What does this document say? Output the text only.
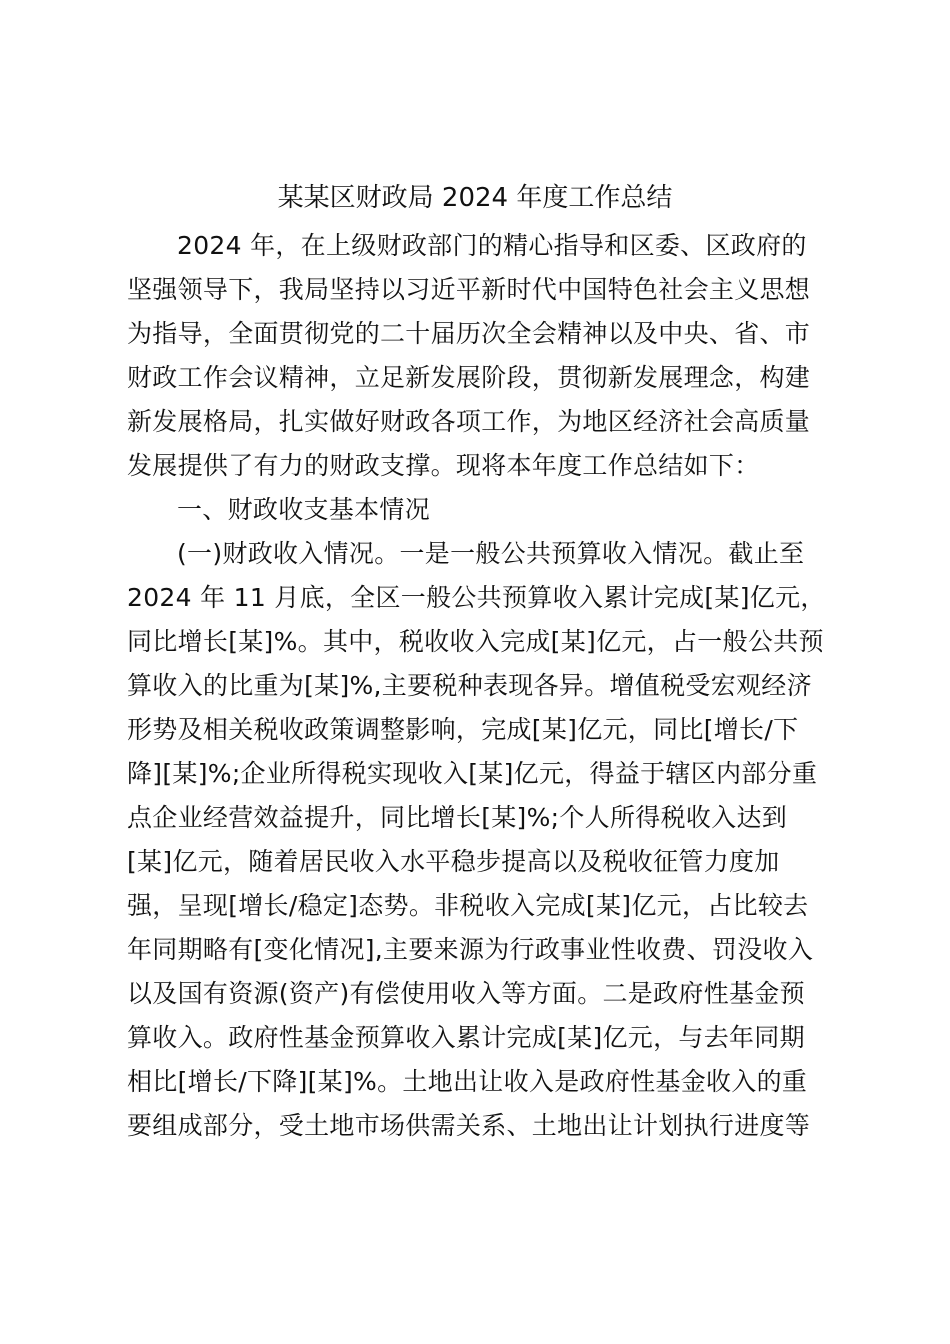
某某区财政局 2024 年度工作总结
2024 年，在上级财政部门的精心指导和区委、区政府的
坚强领导下，我局坚持以习近平新时代中国特色社会主义思想
为指导，全面贯彻党的二十届历次全会精神以及中央、省、市
财政工作会议精神，立足新发展阶段，贯彻新发展理念，构建
新发展格局，扎实做好财政各项工作，为地区经济社会高质量
发展提供了有力的财政支撑。现将本年度工作总结如下：
一、财政收支基本情况
(一)财政收入情况。一是一般公共预算收入情况。截止至
2024 年 11 月底，全区一般公共预算收入累计完成[某]亿元，
同比增长[某]%。其中，税收收入完成[某]亿元，占一般公共预
算收入的比重为[某]%,主要税种表现各异。增值税受宏观经济
形势及相关税收政策调整影响，完成[某]亿元，同比[增长/下
降][某]%;企业所得税实现收入[某]亿元，得益于辖区内部分重
点企业经营效益提升，同比增长[某]%;个人所得税收入达到
[某]亿元，随着居民收入水平稳步提高以及税收征管力度加
强，呈现[增长/稳定]态势。非税收入完成[某]亿元，占比较去
年同期略有[变化情况],主要来源为行政事业性收费、罚没收入
以及国有资源(资产)有偿使用收入等方面。二是政府性基金预
算收入。政府性基金预算收入累计完成[某]亿元，与去年同期
相比[增长/下降][某]%。土地出让收入是政府性基金收入的重
要组成部分，受土地市场供需关系、土地出让计划执行进度等
